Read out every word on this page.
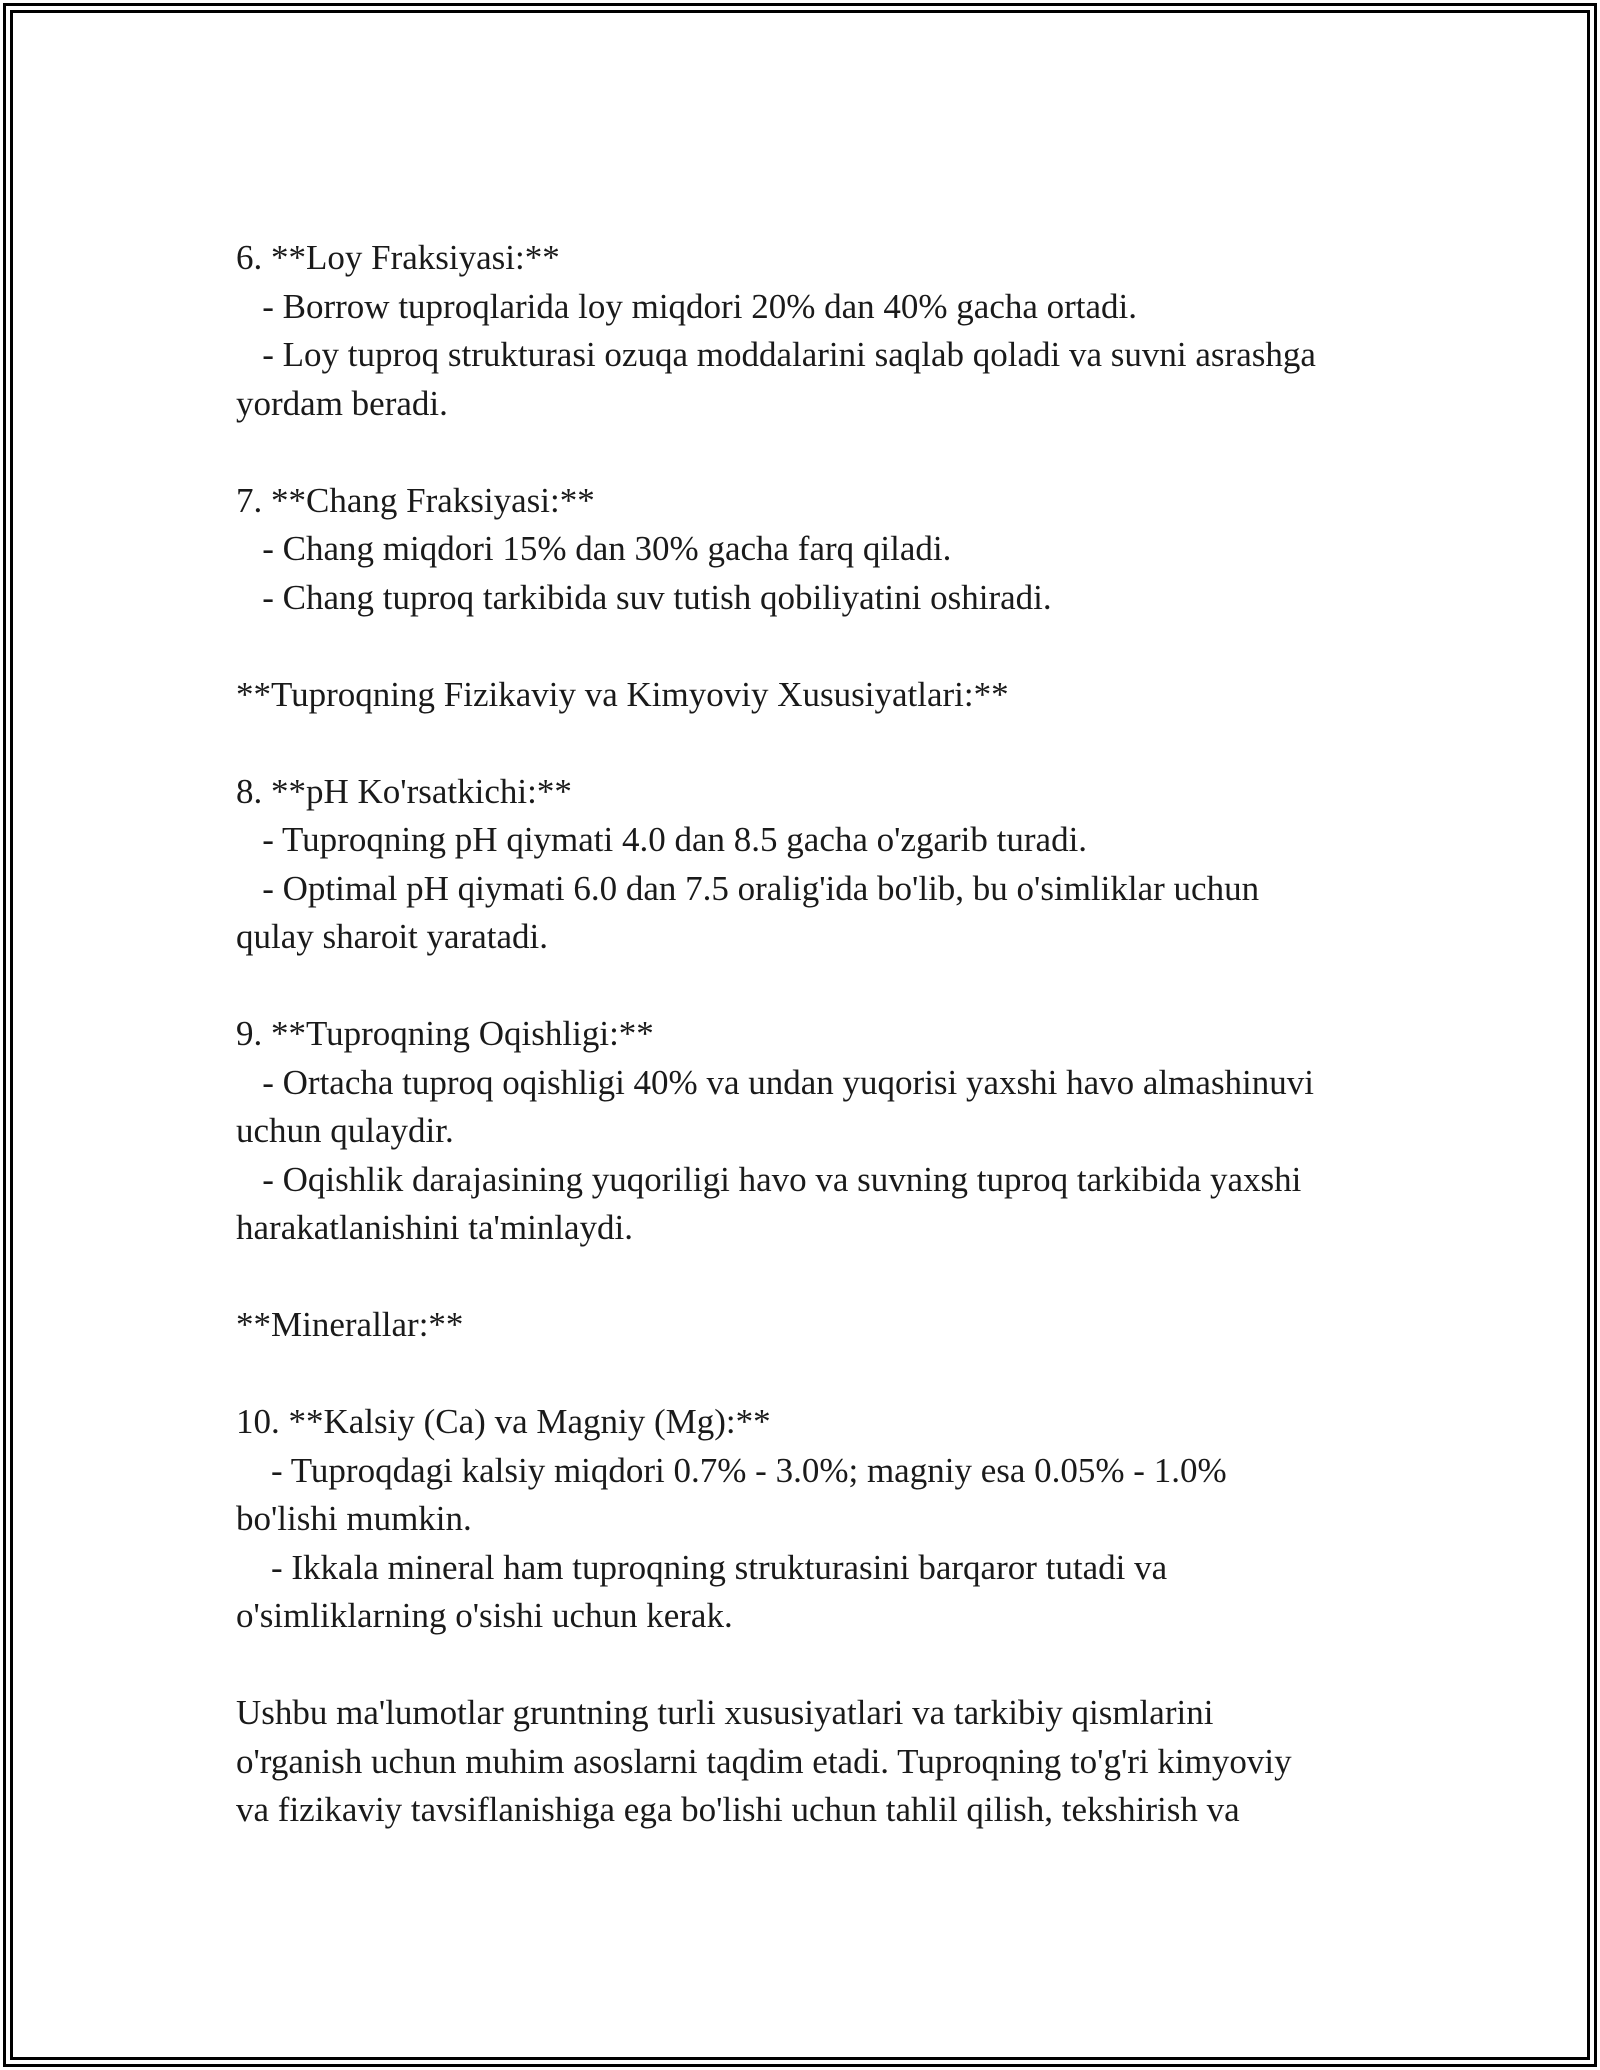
6. **Loy Fraksiyasi:**
- Borrow tuproqlarida loy miqdori 20% dan 40% gacha ortadi.
- Loy tuproq strukturasi ozuqa moddalarini saqlab qoladi va suvni asrashga
yordam beradi.
7. **Chang Fraksiyasi:**
- Chang miqdori 15% dan 30% gacha farq qiladi.
- Chang tuproq tarkibida suv tutish qobiliyatini oshiradi.
**Tuproqning Fizikaviy va Kimyoviy Xususiyatlari:**
8. **pH Ko'rsatkichi:**
- Tuproqning pH qiymati 4.0 dan 8.5 gacha o'zgarib turadi.
- Optimal pH qiymati 6.0 dan 7.5 oralig'ida bo'lib, bu o'simliklar uchun
qulay sharoit yaratadi.
9. **Tuproqning Oqishligi:**
- Ortacha tuproq oqishligi 40% va undan yuqorisi yaxshi havo almashinuvi
uchun qulaydir.
- Oqishlik darajasining yuqoriligi havo va suvning tuproq tarkibida yaxshi
harakatlanishini ta'minlaydi.
**Minerallar:**
10. **Kalsiy (Ca) va Magniy (Mg):**
- Tuproqdagi kalsiy miqdori 0.7% - 3.0%; magniy esa 0.05% - 1.0%
bo'lishi mumkin.
- Ikkala mineral ham tuproqning strukturasini barqaror tutadi va
o'simliklarning o'sishi uchun kerak.
Ushbu ma'lumotlar gruntning turli xususiyatlari va tarkibiy qismlarini
o'rganish uchun muhim asoslarni taqdim etadi. Tuproqning to'g'ri kimyoviy
va fizikaviy tavsiflanishiga ega bo'lishi uchun tahlil qilish, tekshirish va
